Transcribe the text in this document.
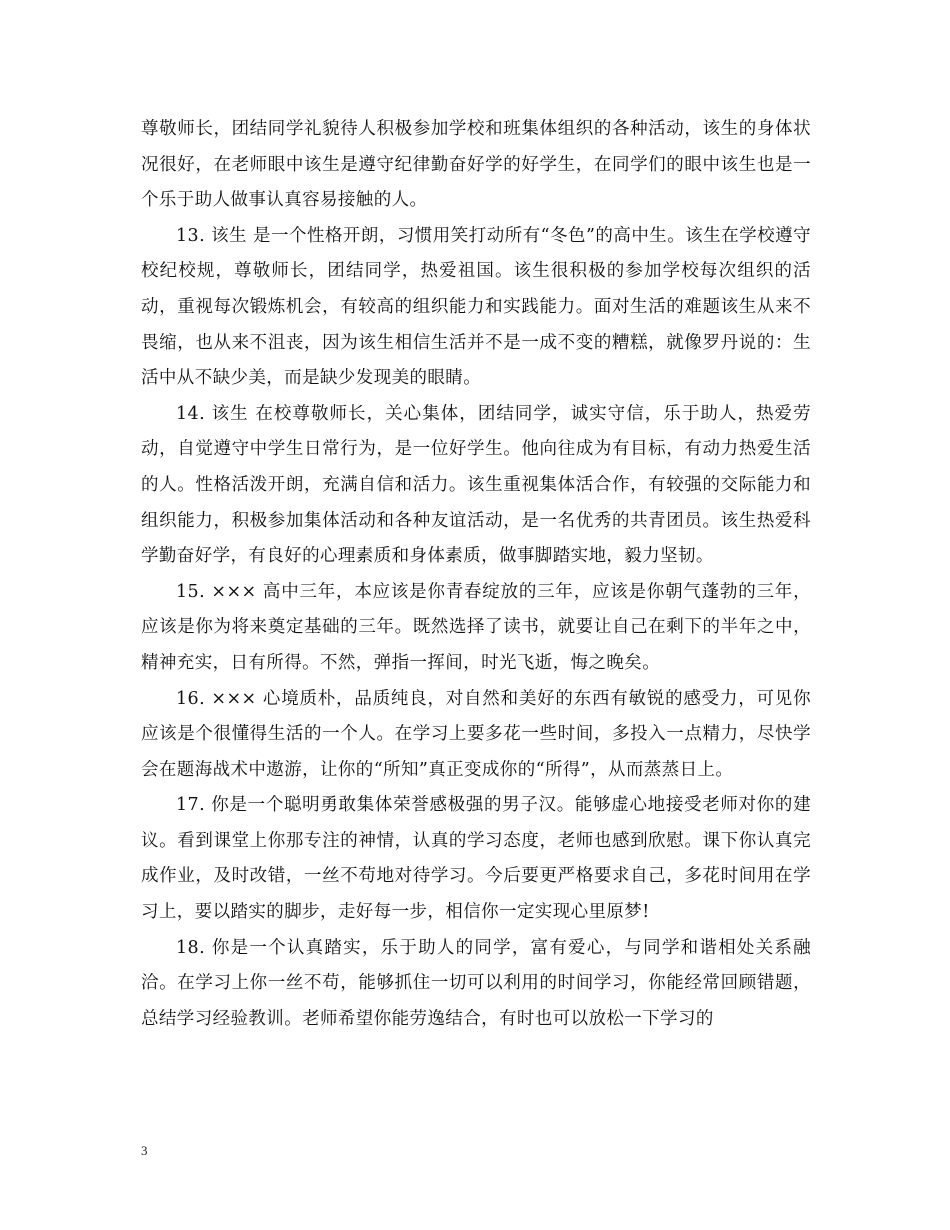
尊敬师长，团结同学礼貌待人积极参加学校和班集体组织的各种活动，该生的身体状况很好，在老师眼中该生是遵守纪律勤奋好学的好学生，在同学们的眼中该生也是一个乐于助人做事认真容易接触的人。

13. 该生 是一个性格开朗，习惯用笑打动所有“冬色”的高中生。该生在学校遵守校纪校规，尊敬师长，团结同学，热爱祖国。该生很积极的参加学校每次组织的活动，重视每次锻炼机会，有较高的组织能力和实践能力。面对生活的难题该生从来不畏缩，也从来不沮丧，因为该生相信生活并不是一成不变的糟糕，就像罗丹说的：生活中从不缺少美，而是缺少发现美的眼睛。

14. 该生 在校尊敬师长，关心集体，团结同学，诚实守信，乐于助人，热爱劳动，自觉遵守中学生日常行为，是一位好学生。他向往成为有目标，有动力热爱生活的人。性格活泼开朗，充满自信和活力。该生重视集体活合作，有较强的交际能力和组织能力，积极参加集体活动和各种友谊活动，是一名优秀的共青团员。该生热爱科学勤奋好学，有良好的心理素质和身体素质，做事脚踏实地，毅力坚韧。

15. ××× 高中三年，本应该是你青春绽放的三年，应该是你朝气蓬勃的三年，应该是你为将来奠定基础的三年。既然选择了读书，就要让自己在剩下的半年之中，精神充实，日有所得。不然，弹指一挥间，时光飞逝，悔之晚矣。

16. ××× 心境质朴，品质纯良，对自然和美好的东西有敏锐的感受力，可见你应该是个很懂得生活的一个人。在学习上要多花一些时间，多投入一点精力，尽快学会在题海战术中遨游，让你的“所知”真正变成你的“所得”，从而蒸蒸日上。

17. 你是一个聪明勇敢集体荣誉感极强的男子汉。能够虚心地接受老师对你的建议。看到课堂上你那专注的神情，认真的学习态度，老师也感到欣慰。课下你认真完成作业，及时改错，一丝不苟地对待学习。今后要更严格要求自己，多花时间用在学习上，要以踏实的脚步，走好每一步，相信你一定实现心里原梦!

18. 你是一个认真踏实，乐于助人的同学，富有爱心，与同学和谐相处关系融洽。在学习上你一丝不苟，能够抓住一切可以利用的时间学习，你能经常回顾错题，总结学习经验教训。老师希望你能劳逸结合，有时也可以放松一下学习的

3
